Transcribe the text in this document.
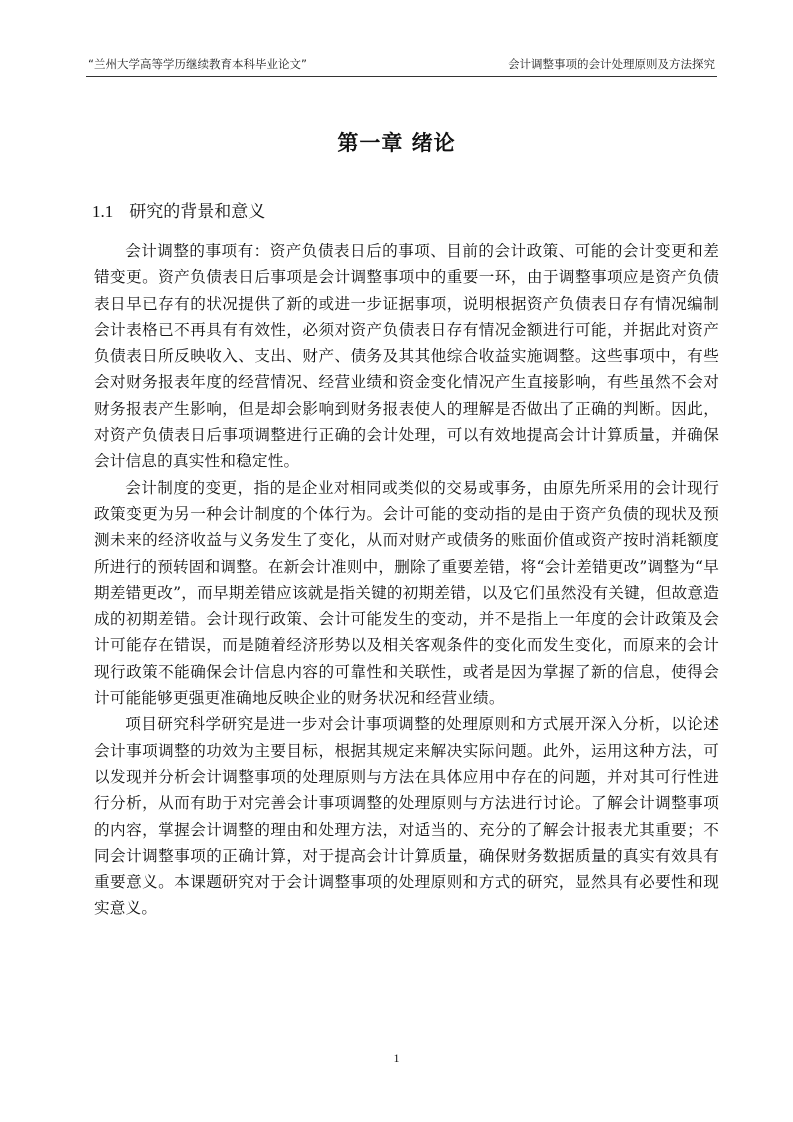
“兰州大学高等学历继续教育本科毕业论文”	会计调整事项的会计处理原则及方法探究
第一章 绪论
1.1 研究的背景和意义

会计调整的事项有：资产负债表日后的事项、目前的会计政策、可能的会计变更和差错变更。资产负债表日后事项是会计调整事项中的重要一环，由于调整事项应是资产负债表日早已存有的状况提供了新的或进一步证据事项，说明根据资产负债表日存有情况编制会计表格已不再具有有效性，必须对资产负债表日存有情况金额进行可能，并据此对资产负债表日所反映收入、支出、财产、债务及其其他综合收益实施调整。这些事项中，有些会对财务报表年度的经营情况、经营业绩和资金变化情况产生直接影响，有些虽然不会对财务报表产生影响，但是却会影响到财务报表使人的理解是否做出了正确的判断。因此，对资产负债表日后事项调整进行正确的会计处理，可以有效地提高会计计算质量，并确保会计信息的真实性和稳定性。

会计制度的变更，指的是企业对相同或类似的交易或事务，由原先所采用的会计现行政策变更为另一种会计制度的个体行为。会计可能的变动指的是由于资产负债的现状及预测未来的经济收益与义务发生了变化，从而对财产或债务的账面价值或资产按时消耗额度所进行的预转固和调整。在新会计准则中，删除了重要差错，将“会计差错更改”调整为“早期差错更改”，而早期差错应该就是指关键的初期差错，以及它们虽然没有关键，但故意造成的初期差错。会计现行政策、会计可能发生的变动，并不是指上一年度的会计政策及会计可能存在错误，而是随着经济形势以及相关客观条件的变化而发生变化，而原来的会计现行政策不能确保会计信息内容的可靠性和关联性，或者是因为掌握了新的信息，使得会计可能能够更强更准确地反映企业的财务状况和经营业绩。

项目研究科学研究是进一步对会计事项调整的处理原则和方式展开深入分析，以论述会计事项调整的功效为主要目标，根据其规定来解决实际问题。此外，运用这种方法，可以发现并分析会计调整事项的处理原则与方法在具体应用中存在的问题，并对其可行性进行分析，从而有助于对完善会计事项调整的处理原则与方法进行讨论。了解会计调整事项的内容，掌握会计调整的理由和处理方法，对适当的、充分的了解会计报表尤其重要；不同会计调整事项的正确计算，对于提高会计计算质量，确保财务数据质量的真实有效具有重要意义。本课题研究对于会计调整事项的处理原则和方式的研究，显然具有必要性和现实意义。

1
